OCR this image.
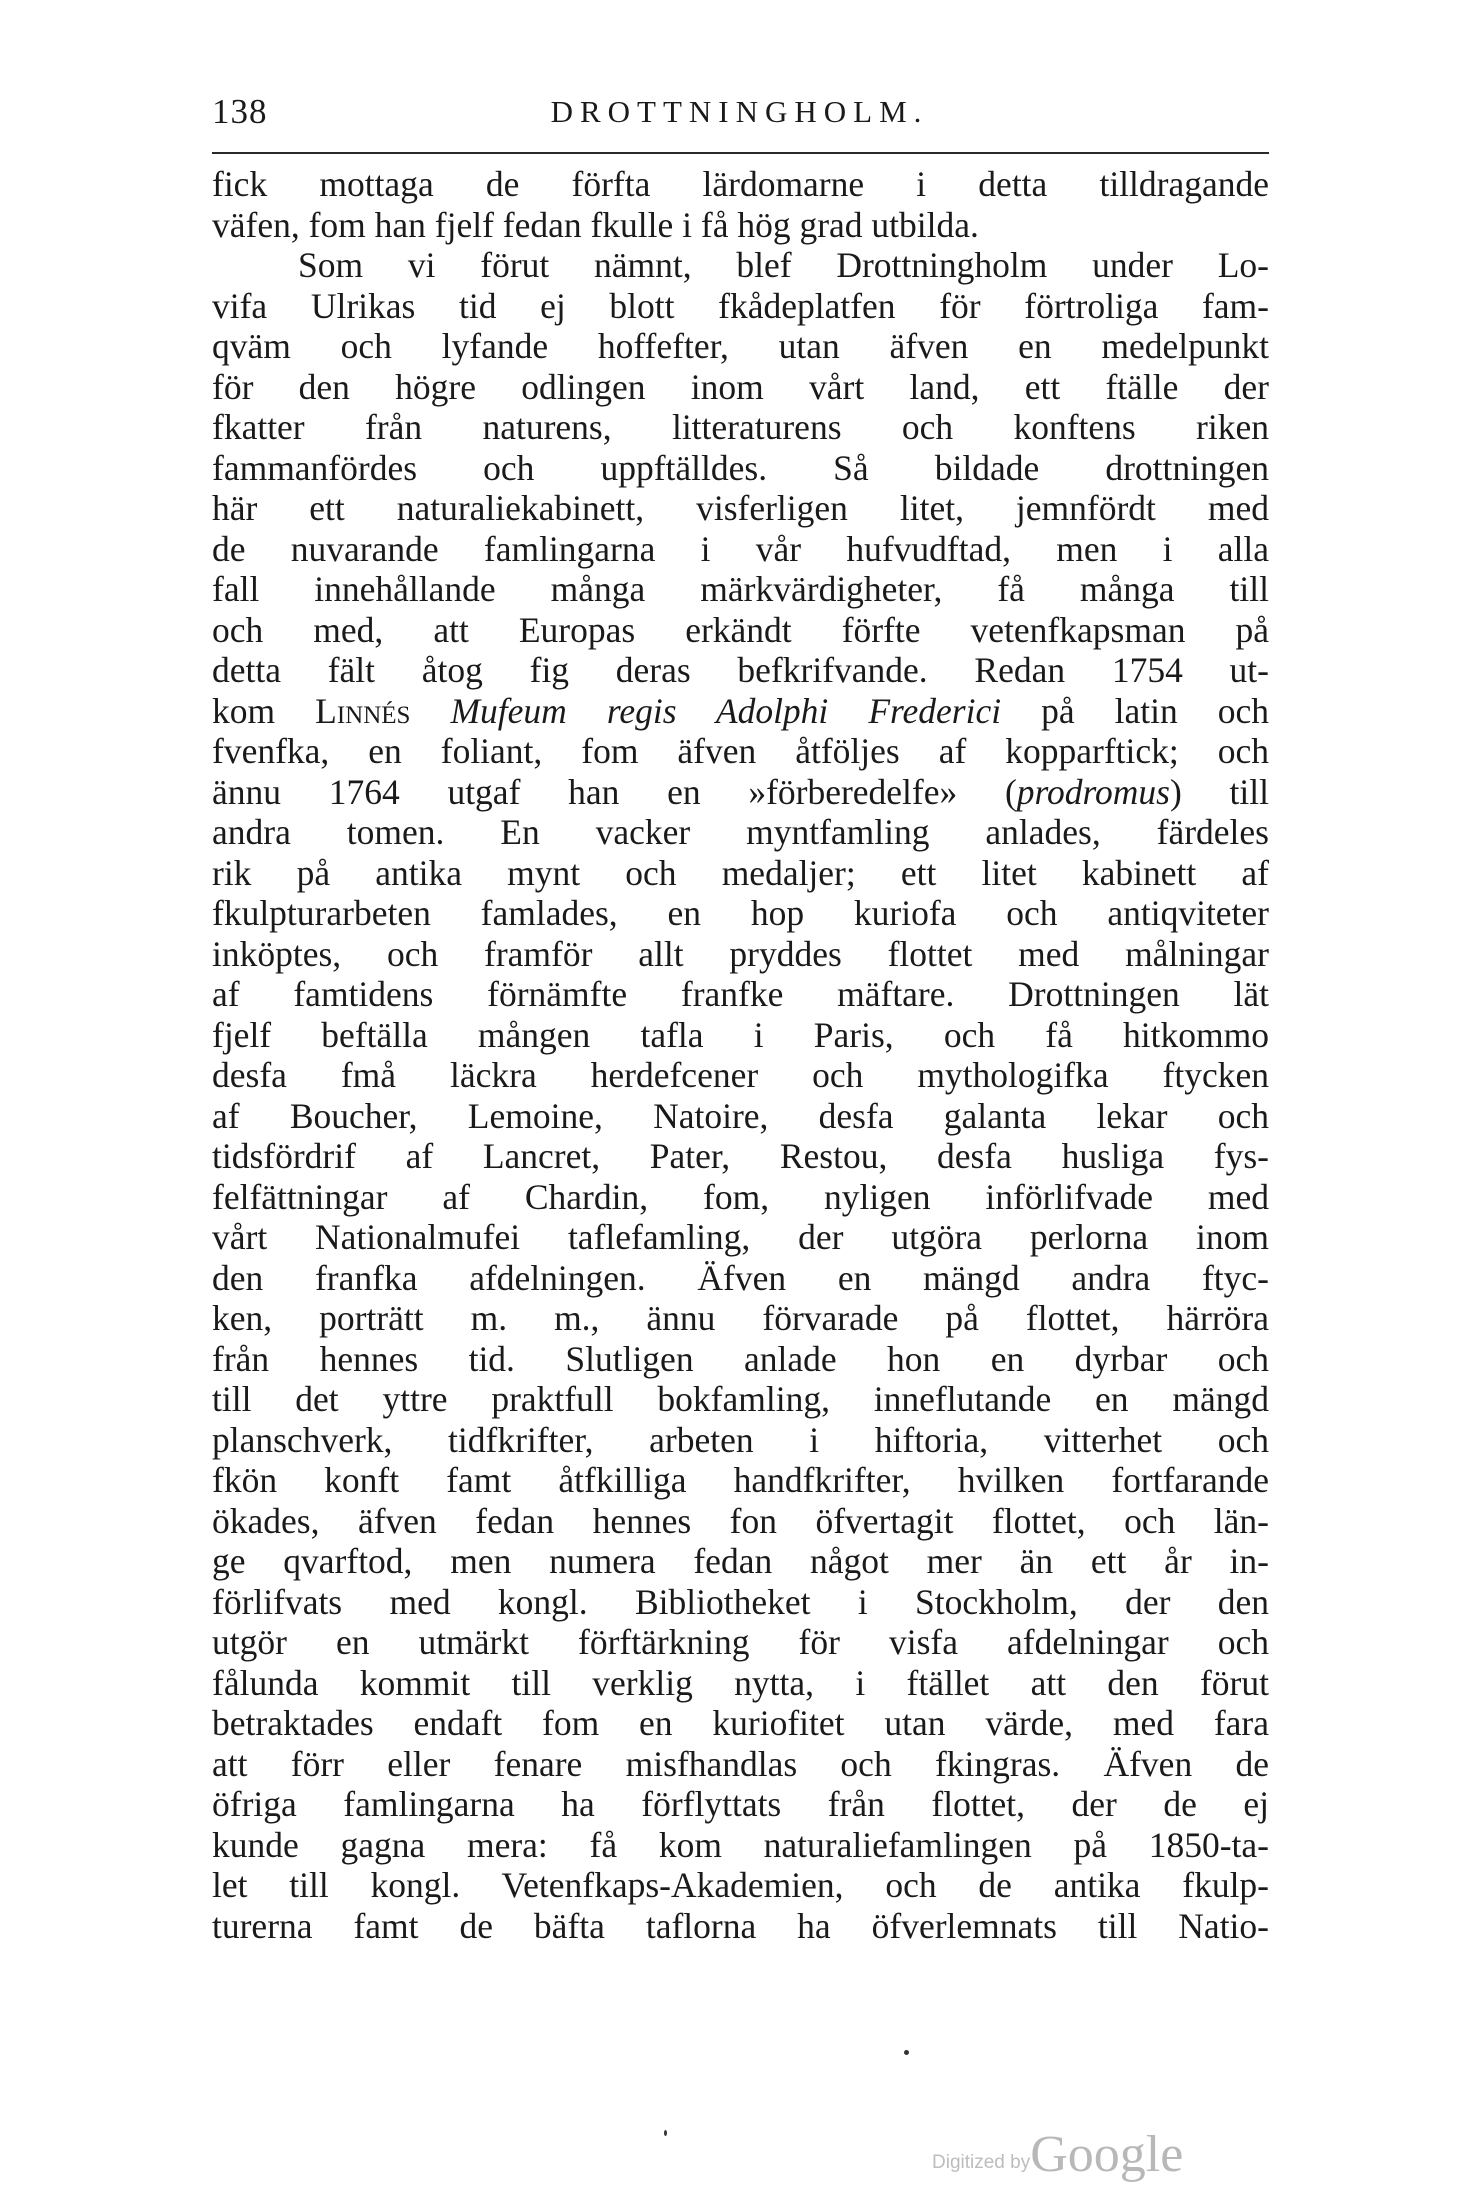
138	DROTTNINGHOLM.
fick mottaga de förfta lärdomarne i detta tilldragande
väfen, fom han fjelf fedan fkulle i få hög grad utbilda.
Som vi förut nämnt, blef Drottningholm under Lo-
vifa Ulrikas tid ej blott fkådeplatfen för förtroliga fam-
qväm och lyfande hoffefter, utan äfven en medelpunkt
för den högre odlingen inom vårt land, ett ftälle der
fkatter från naturens, litteraturens och konftens riken
fammanfördes och uppftälldes. Så bildade drottningen
här ett naturaliekabinett, visferligen litet, jemnfördt med
de nuvarande famlingarna i vår hufvudftad, men i alla
fall innehållande många märkvärdigheter, få många till
och med, att Europas erkändt förfte vetenfkapsman på
detta fält åtog fig deras befkrifvande. Redan 1754 ut-
kom Linnés Mufeum regis Adolphi Frederici på latin och
fvenfka, en foliant, fom äfven åtföljes af kopparftick; och
ännu 1764 utgaf han en »förberedelfe» (prodromus) till
andra tomen. En vacker myntfamling anlades, färdeles
rik på antika mynt och medaljer; ett litet kabinett af
fkulpturarbeten famlades, en hop kuriofa och antiqviteter
inköptes, och framför allt pryddes flottet med målningar
af famtidens förnämfte franfke mäftare. Drottningen lät
fjelf beftälla mången tafla i Paris, och få hitkommo
desfa fmå läckra herdefcener och mythologifka ftycken
af Boucher, Lemoine, Natoire, desfa galanta lekar och
tidsfördrif af Lancret, Pater, Restou, desfa husliga fys-
felfättningar af Chardin, fom, nyligen införlifvade med
vårt Nationalmufei taflefamling, der utgöra perlorna inom
den franfka afdelningen. Äfven en mängd andra ftyc-
ken, porträtt m. m., ännu förvarade på flottet, härröra
från hennes tid. Slutligen anlade hon en dyrbar och
till det yttre praktfull bokfamling, inneflutande en mängd
planschverk, tidfkrifter, arbeten i hiftoria, vitterhet och
fkön konft famt åtfkilliga handfkrifter, hvilken fortfarande
ökades, äfven fedan hennes fon öfvertagit flottet, och län-
ge qvarftod, men numera fedan något mer än ett år in-
förlifvats med kongl. Bibliotheket i Stockholm, der den
utgör en utmärkt förftärkning för visfa afdelningar och
fålunda kommit till verklig nytta, i ftället att den förut
betraktades endaft fom en kuriofitet utan värde, med fara
att förr eller fenare misfhandlas och fkingras. Äfven de
öfriga famlingarna ha förflyttats från flottet, der de ej
kunde gagna mera: få kom naturaliefamlingen på 1850-ta-
let till kongl. Vetenfkaps-Akademien, och de antika fkulp-
turerna famt de bäfta taflorna ha öfverlemnats till Natio-
Digitized byGoogle
